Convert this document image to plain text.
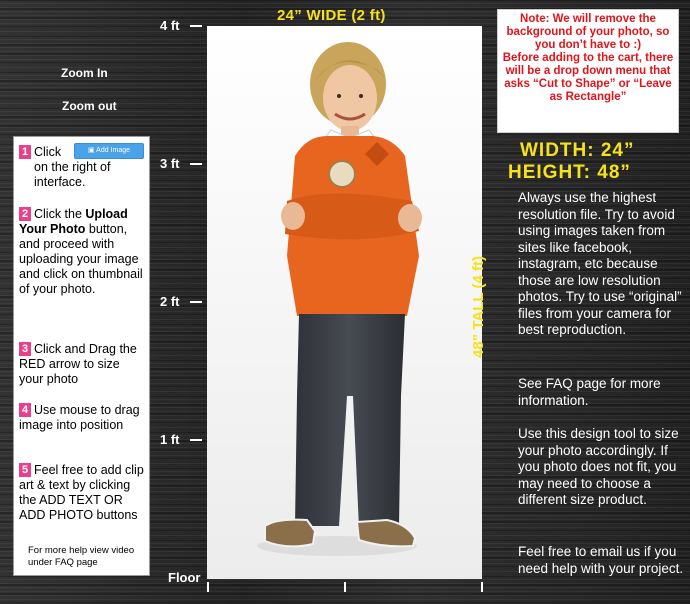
24” WIDE (2 ft)
4 ft
3 ft
2 ft
1 ft
Floor
Zoom In
Zoom out
▣ Add Image
1 Click
on the right of interface.
2 Click the Upload Your Photo button, and proceed with uploading your image and click on thumbnail of your photo.
3 Click and Drag the RED arrow to size your photo
4 Use mouse to drag image into position
5 Feel free to add clip art & text by clicking the ADD TEXT OR ADD PHOTO buttons
For more help view video under FAQ page
Note: We will remove the background of your photo, so you don’t have to :)
Before adding to the cart, there will be a drop down menu that asks “Cut to Shape” or “Leave as Rectangle”
WIDTH: 24”
HEIGHT: 48”
48” TALL (4 ft)
Always use the highest resolution file. Try to avoid using images taken from sites like facebook, instagram, etc because those are low resolution photos. Try to use “original” files from your camera for best reproduction.
See FAQ page for more information.
Use this design tool to size your photo accordingly. If you photo does not fit, you may need to choose a different size product.
Feel free to email us if you need help with your project.
